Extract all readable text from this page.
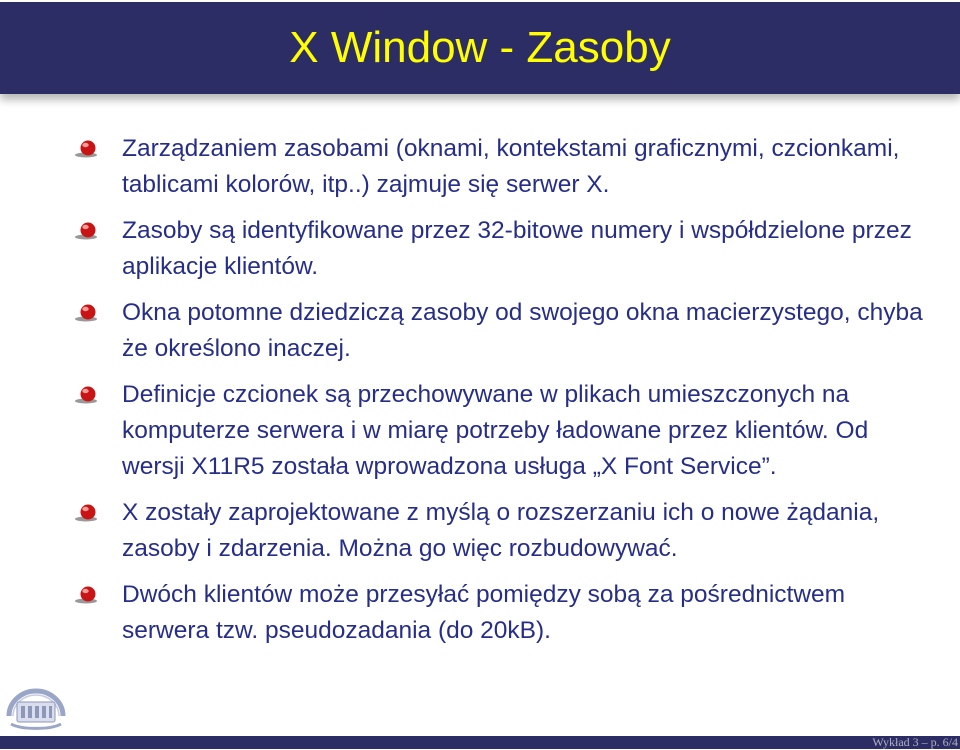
X Window - Zasoby
Zarządzaniem zasobami (oknami, kontekstami graficznymi, czcionkami, tablicami kolorów, itp..) zajmuje się serwer X.
Zasoby są identyfikowane przez 32-bitowe numery i współdzielone przez aplikacje klientów.
Okna potomne dziedziczą zasoby od swojego okna macierzystego, chyba że określono inaczej.
Definicje czcionek są przechowywane w plikach umieszczonych na komputerze serwera i w miarę potrzeby ładowane przez klientów. Od wersji X11R5 została wprowadzona usługa „X Font Service”.
X zostały zaprojektowane z myślą o rozszerzaniu ich o nowe żądania, zasoby i zdarzenia. Można go więc rozbudowywać.
Dwóch klientów może przesyłać pomiędzy sobą za pośrednictwem serwera tzw. pseudozadania (do 20kB).
Wykład 3 – p. 6/4
